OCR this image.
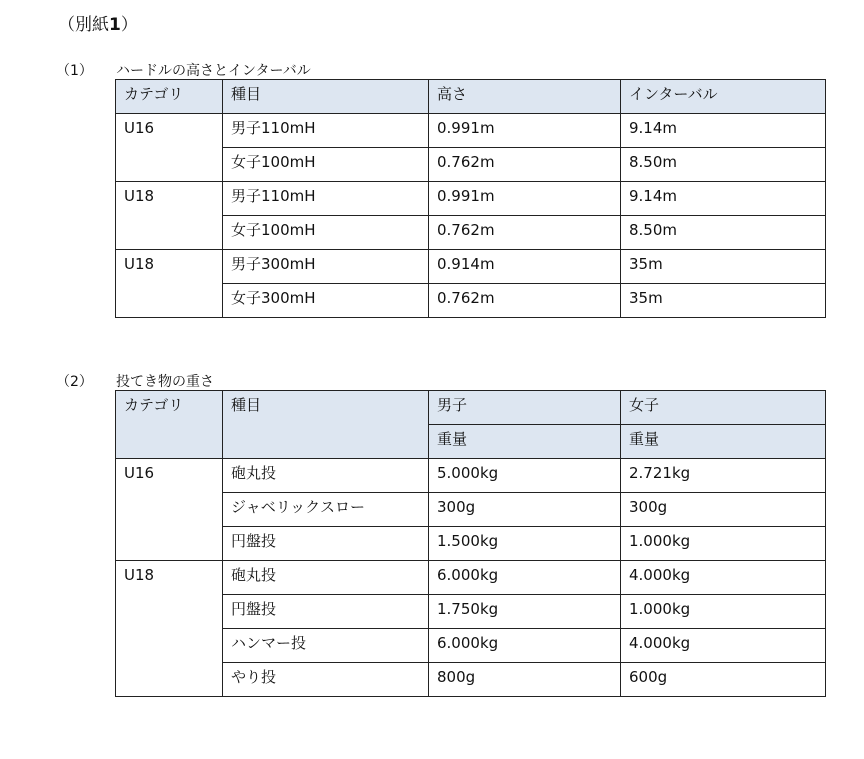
（別紙1）
（1） ハードルの高さとインターバル
カテゴリ	種目	高さ	インターバル
U16	男子110mH	0.991m	9.14m
	女子100mH	0.762m	8.50m
U18	男子110mH	0.991m	9.14m
	女子100mH	0.762m	8.50m
U18	男子300mH	0.914m	35m
	女子300mH	0.762m	35m
（2） 投てき物の重さ
カテゴリ	種目	男子	女子
		重量	重量
U16	砲丸投	5.000kg	2.721kg
	ジャベリックスロー	300g	300g
	円盤投	1.500kg	1.000kg
U18	砲丸投	6.000kg	4.000kg
	円盤投	1.750kg	1.000kg
	ハンマー投	6.000kg	4.000kg
	やり投	800g	600g
